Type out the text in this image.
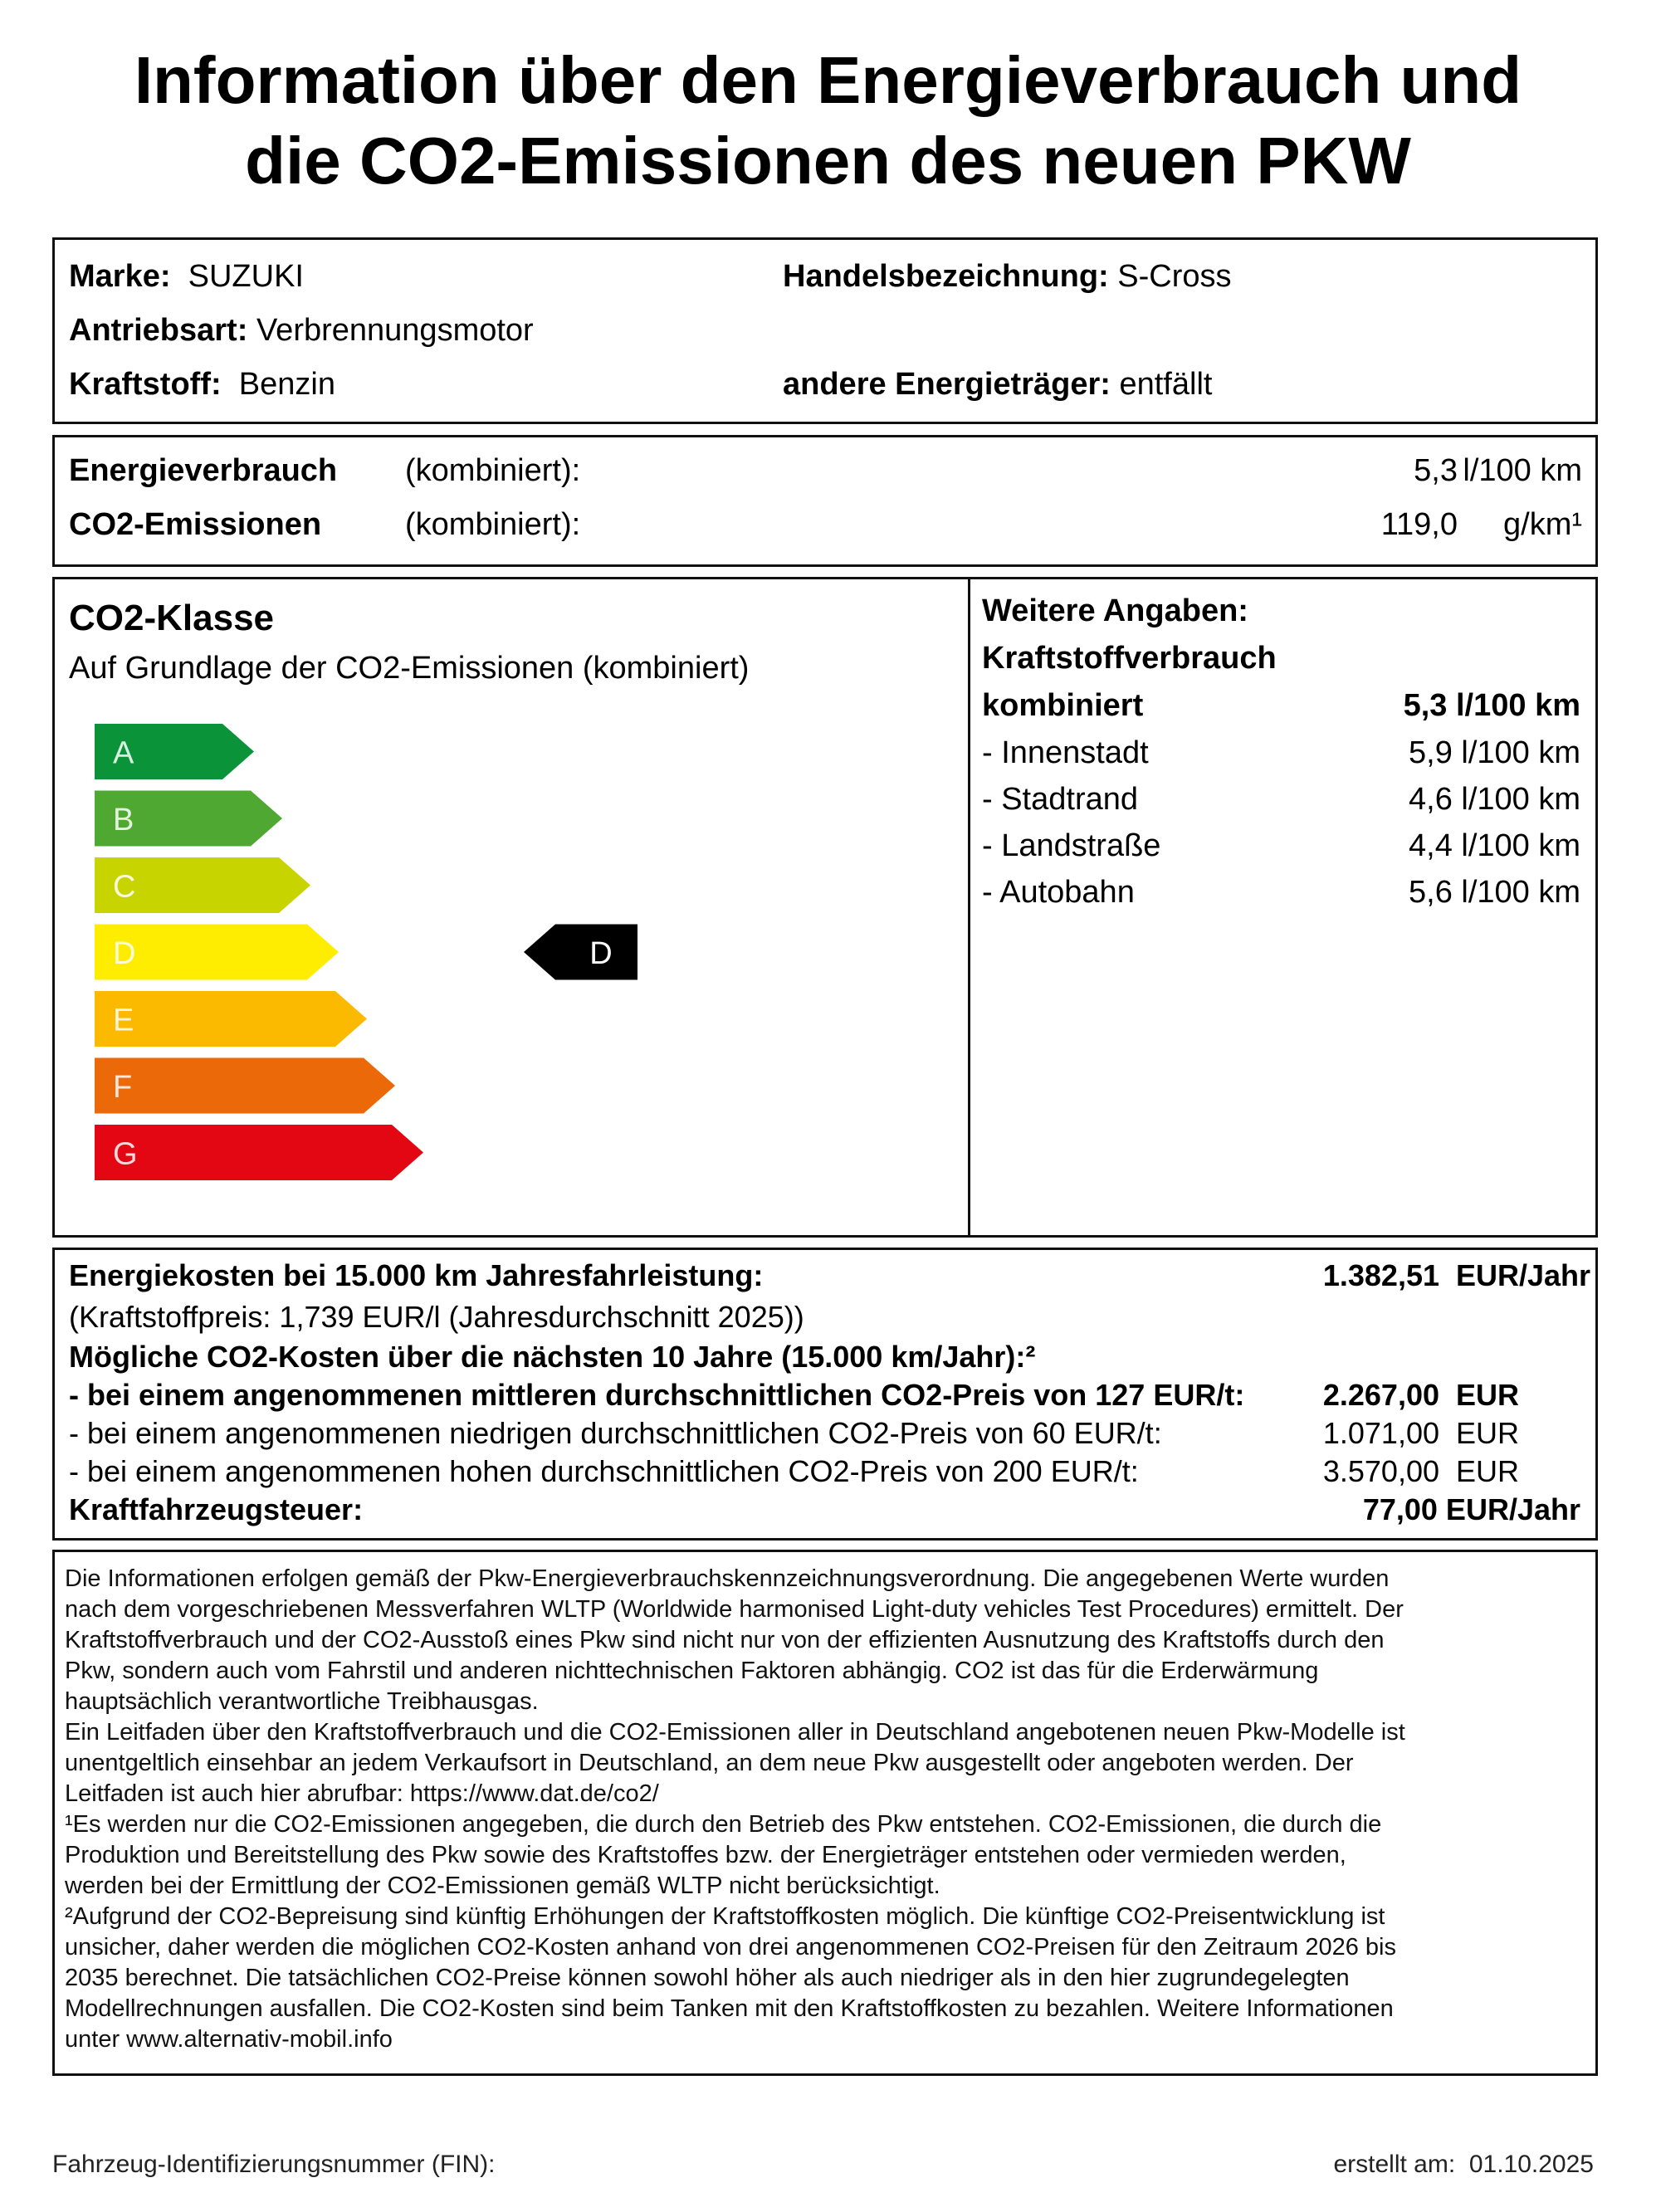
Information über den Energieverbrauch und
die CO2-Emissionen des neuen PKW
Marke: SUZUKI	Handelsbezeichnung: S-Cross
Antriebsart: Verbrennungsmotor
Kraftstoff: Benzin	andere Energieträger: entfällt
Energieverbrauch (kombiniert):	5,3 l/100 km
CO2-Emissionen	(kombiniert):	119,0	g/km¹
CO2-Klasse
Auf Grundlage der CO2-Emissionen (kombiniert)
A
B
C
D
E
F
G
D
Weitere Angaben:
Kraftstoffverbrauch
kombiniert	5,3 l/100 km
- Innenstadt	5,9 l/100 km
- Stadtrand	4,6 l/100 km
- Landstraße	4,4 l/100 km
- Autobahn	5,6 l/100 km
Energiekosten bei 15.000 km Jahresfahrleistung:	1.382,51 EUR/Jahr
(Kraftstoffpreis: 1,739 EUR/l (Jahresdurchschnitt 2025))
Mögliche CO2-Kosten über die nächsten 10 Jahre (15.000 km/Jahr):²
- bei einem angenommenen mittleren durchschnittlichen CO2-Preis von 127 EUR/t:	2.267,00 EUR
- bei einem angenommenen niedrigen durchschnittlichen CO2-Preis von 60 EUR/t:	1.071,00 EUR
- bei einem angenommenen hohen durchschnittlichen CO2-Preis von 200 EUR/t:	3.570,00 EUR
Kraftfahrzeugsteuer:	77,00 EUR/Jahr
Die Informationen erfolgen gemäß der Pkw-Energieverbrauchskennzeichnungsverordnung. Die angegebenen Werte wurden
nach dem vorgeschriebenen Messverfahren WLTP (Worldwide harmonised Light-duty vehicles Test Procedures) ermittelt. Der
Kraftstoffverbrauch und der CO2-Ausstoß eines Pkw sind nicht nur von der effizienten Ausnutzung des Kraftstoffs durch den
Pkw, sondern auch vom Fahrstil und anderen nichttechnischen Faktoren abhängig. CO2 ist das für die Erderwärmung
hauptsächlich verantwortliche Treibhausgas.
Ein Leitfaden über den Kraftstoffverbrauch und die CO2-Emissionen aller in Deutschland angebotenen neuen Pkw-Modelle ist
unentgeltlich einsehbar an jedem Verkaufsort in Deutschland, an dem neue Pkw ausgestellt oder angeboten werden. Der
Leitfaden ist auch hier abrufbar: https://www.dat.de/co2/
¹Es werden nur die CO2-Emissionen angegeben, die durch den Betrieb des Pkw entstehen. CO2-Emissionen, die durch die
Produktion und Bereitstellung des Pkw sowie des Kraftstoffes bzw. der Energieträger entstehen oder vermieden werden,
werden bei der Ermittlung der CO2-Emissionen gemäß WLTP nicht berücksichtigt.
²Aufgrund der CO2-Bepreisung sind künftig Erhöhungen der Kraftstoffkosten möglich. Die künftige CO2-Preisentwicklung ist
unsicher, daher werden die möglichen CO2-Kosten anhand von drei angenommenen CO2-Preisen für den Zeitraum 2026 bis
2035 berechnet. Die tatsächlichen CO2-Preise können sowohl höher als auch niedriger als in den hier zugrundegelegten
Modellrechnungen ausfallen. Die CO2-Kosten sind beim Tanken mit den Kraftstoffkosten zu bezahlen. Weitere Informationen
unter www.alternativ-mobil.info
Fahrzeug-Identifizierungsnummer (FIN):	erstellt am: 01.10.2025
